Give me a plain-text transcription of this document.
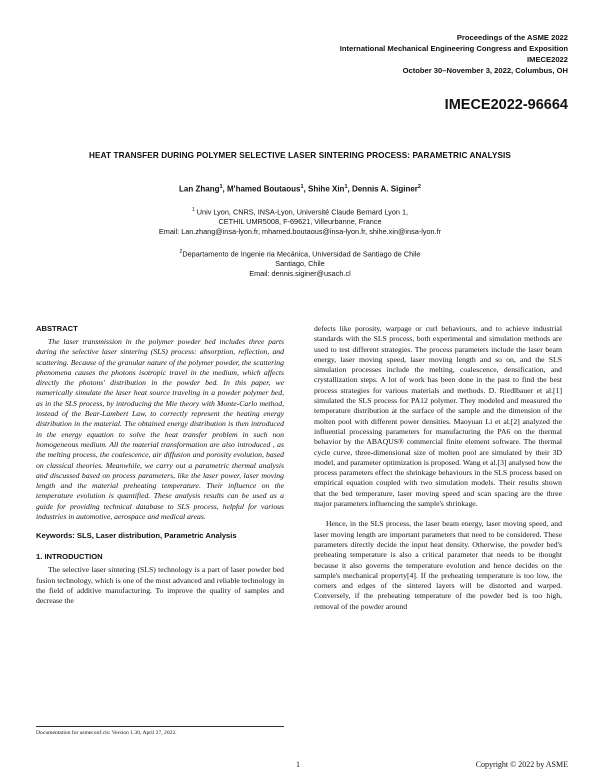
Proceedings of the ASME 2022
International Mechanical Engineering Congress and Exposition
IMECE2022
October 30–November 3, 2022, Columbus, OH
IMECE2022-96664
HEAT TRANSFER DURING POLYMER SELECTIVE LASER SINTERING PROCESS: PARAMETRIC ANALYSIS
Lan Zhang$^1$, M'hamed Boutaous$^1$, Shihe Xin$^1$, Dennis A. Siginer$^2$
$^1$ Univ Lyon, CNRS, INSA-Lyon, Université Claude Bernard Lyon 1,
CETHIL UMR5008, F-69621, Villeurbanne, France
Email: Lan.zhang@insa-lyon.fr, mhamed.boutaous@insa-lyon.fr, shihe.xin@insa-lyon.fr
$^2$Departamento de Ingenie ria Mecánica, Universidad de Santiago de Chile
Santiago, Chile
Email: dennis.siginer@usach.cl
ABSTRACT

The laser transmission in the polymer powder bed includes three parts during the selective laser sintering (SLS) process: absorption, reflection, and scattering. Because of the granular nature of the polymer powder, the scattering phenomena causes the photons isotropic travel in the medium, which affects directly the photons' distribution in the powder bed. In this paper, we numerically simulate the laser heat source traveling in a powder polymer bed, as in the SLS process, by introducing the Mie theory with Monte-Carlo method, instead of the Bear-Lambert Law, to correctly represent the heating energy distribution in the material. The obtained energy distribution is then introduced in the energy equation to solve the heat transfer problem in such non homogeneous medium. All the material transformation are also introduced , as the melting process, the coalescence, air diffusion and porosity evolution, based on classical theories. Meanwhile, we carry out a parametric thermal analysis and discussed based on process parameters, like the laser power, laser moving length and the material preheating temperature. Their influence on the temperature evolution is quantified. These analysis results can be used as a guide for providing technical database to SLS process, helpful for various industries in automotive, aerospace and medical areas.

Keywords: SLS, Laser distribution, Parametric Analysis
1. INTRODUCTION

The selective laser sintering (SLS) technology is a part of laser powder bed fusion technology, which is one of the most advanced and reliable technology in the field of additive manufacturing. To improve the quality of samples and decrease the

Documentation for asmeconf.cls: Version 1.30, April 27, 2022.

defects like porosity, warpage or curl behaviours, and to achieve industrial standards with the SLS process, both experimental and simulation methods are used to test different strategies. The process parameters include the laser beam energy, laser moving speed, laser moving length and so on, and the SLS simulation processes include the melting, coalescence, densification, and crystallization steps. A lot of work has been done in the past to find the best process strategies for various materials and methods. D. Riedlbauer et al.[1] simulated the SLS process for PA12 polymer. They modeled and measured the temperature distribution at the surface of the sample and the dimension of the molten pool with different power densities. Maoyuan Li et al.[2] analyzed the influential processing parameters for manufacturing the PA6 on the thermal behavior by the ABAQUS® commercial finite element software. The thermal cycle curve, three-dimensional size of molten pool are simulated by their 3D model, and parameter optimization is proposed. Wang et al.[3] analysed how the process parameters effect the shrinkage behaviours in the SLS process based on empirical equation coupled with two simulation models. Their results shown that the bed temperature, laser moving speed and scan spacing are the three major parameters influencing the sample's shrinkage.

Hence, in the SLS process, the laser beam energy, laser moving speed, and laser moving length are important parameters that need to be considered. These parameters directly decide the input heat density. Otherwise, the powder bed's preheating temperature is also a critical parameter that needs to be thought because it also governs the temperature evolution and hence decides on the sample's mechanical property[4]. If the preheating temperature is too low, the corners and edges of the sintered layers will be distorted and warped. Conversely, if the preheating temperature of the powder bed is too high, removal of the powder around

1	Copyright © 2022 by ASME
